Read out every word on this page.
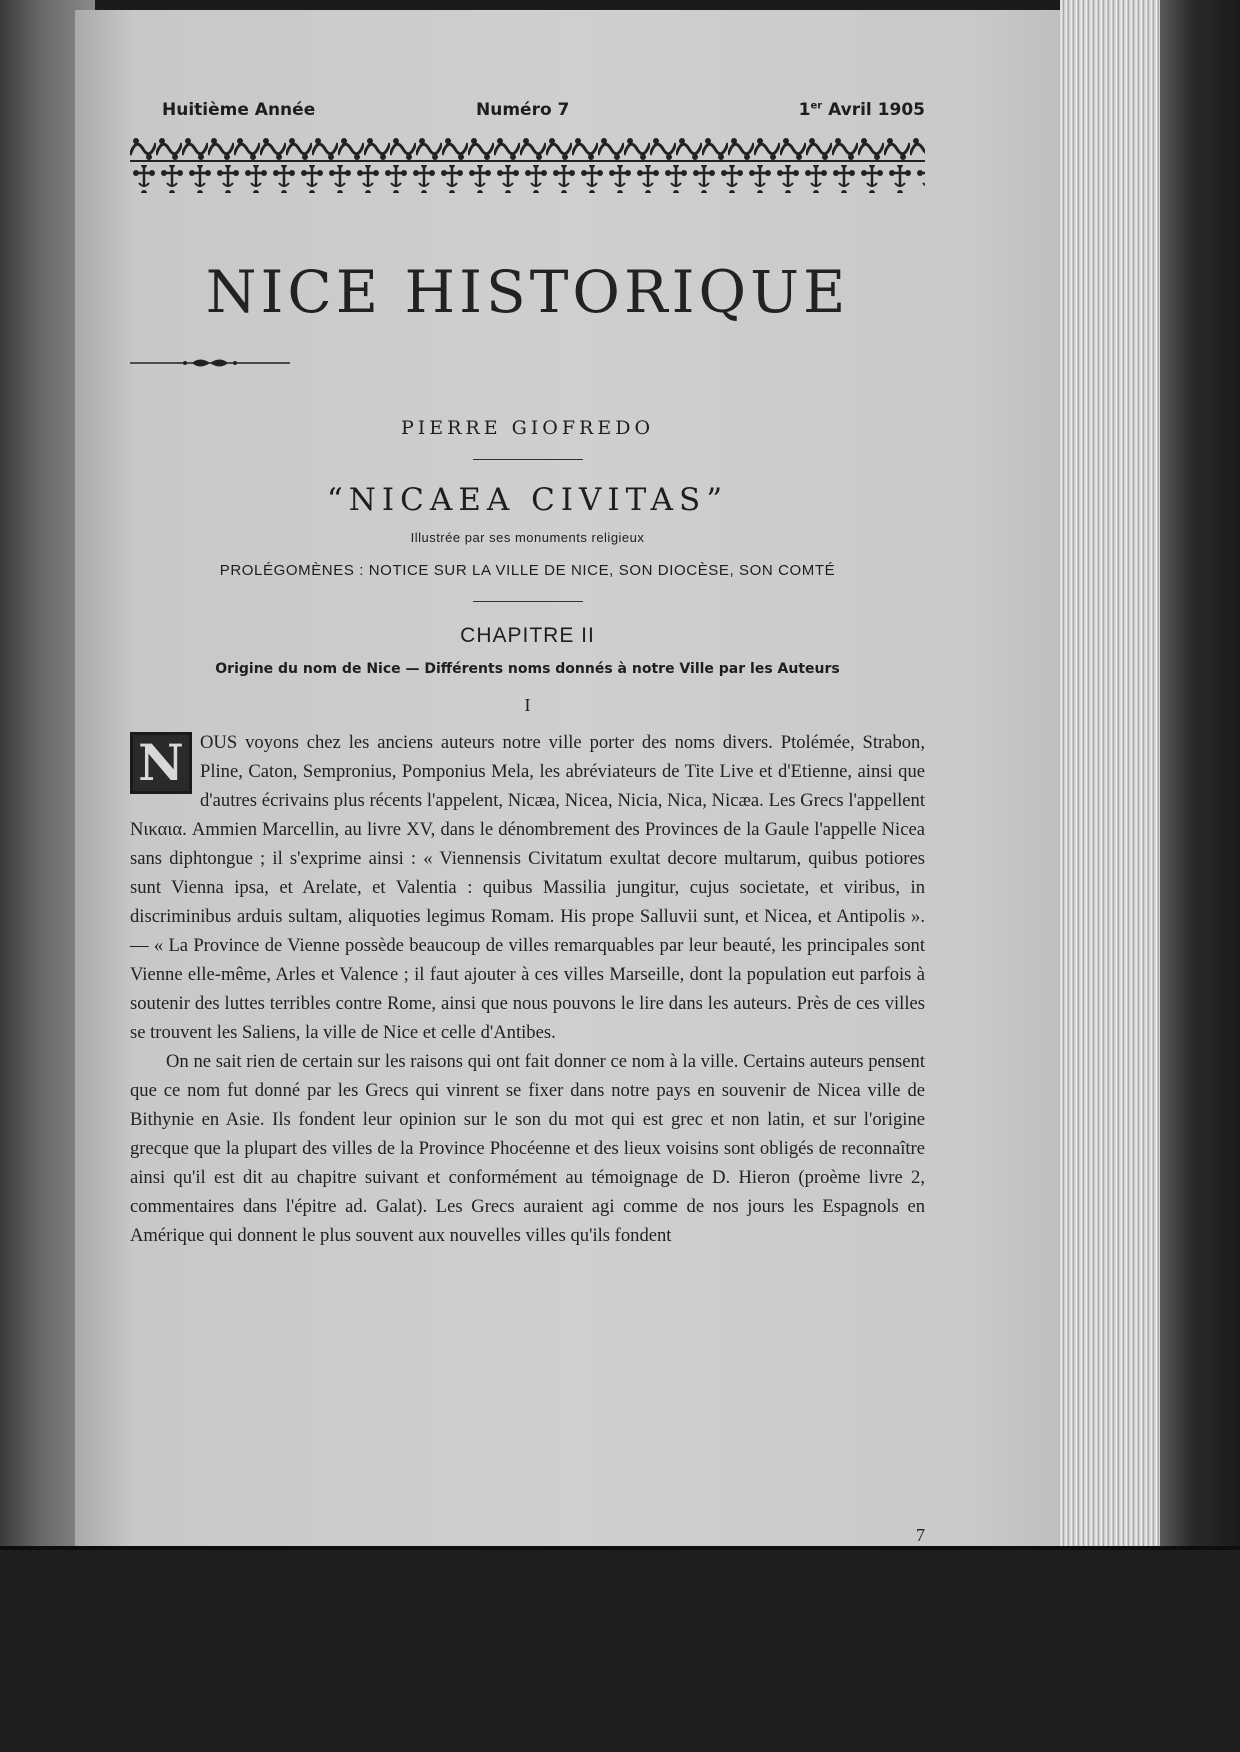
Huitième Année	Numéro 7	1er Avril 1905
NICE HISTORIQUE
PIERRE GIOFREDO
“NICAEA CIVITAS”
Illustrée par ses monuments religieux
PROLÉGOMÈNES : NOTICE SUR LA VILLE DE NICE, SON DIOCÈSE, SON COMTÉ
CHAPITRE II
Origine du nom de Nice — Différents noms donnés à notre Ville par les Auteurs
I

N OUS voyons chez les anciens auteurs notre ville porter des noms divers. Ptolémée, Strabon, Pline, Caton, Sempronius, Pomponius Mela, les abréviateurs de Tite Live et d'Etienne, ainsi que d'autres écrivains plus récents l'appelent, Nicæa, Nicea, Nicia, Nica, Nicæa. Les Grecs l'appellent Νικαια. Ammien Marcellin, au livre XV, dans le dénombrement des Provinces de la Gaule l'appelle Nicea sans diphtongue ; il s'exprime ainsi : « Viennensis Civitatum exultat decore multarum, quibus potiores sunt Vienna ipsa, et Arelate, et Valentia : quibus Massilia jungitur, cujus societate, et viribus, in discriminibus arduis sultam, aliquoties legimus Romam. His prope Salluvii sunt, et Nicea, et Antipolis ». — « La Province de Vienne possède beaucoup de villes remarquables par leur beauté, les principales sont Vienne elle-même, Arles et Valence ; il faut ajouter à ces villes Marseille, dont la population eut parfois à soutenir des luttes terribles contre Rome, ainsi que nous pouvons le lire dans les auteurs. Près de ces villes se trouvent les Saliens, la ville de Nice et celle d'Antibes.

On ne sait rien de certain sur les raisons qui ont fait donner ce nom à la ville. Certains auteurs pensent que ce nom fut donné par les Grecs qui vinrent se fixer dans notre pays en souvenir de Nicea ville de Bithynie en Asie. Ils fondent leur opinion sur le son du mot qui est grec et non latin, et sur l'origine grecque que la plupart des villes de la Province Phocéenne et des lieux voisins sont obligés de reconnaître ainsi qu'il est dit au chapitre suivant et conformément au témoignage de D. Hieron (proème livre 2, commentaires dans l'épitre ad. Galat). Les Grecs auraient agi comme de nos jours les Espagnols en Amérique qui donnent le plus souvent aux nouvelles villes qu'ils fondent

7
